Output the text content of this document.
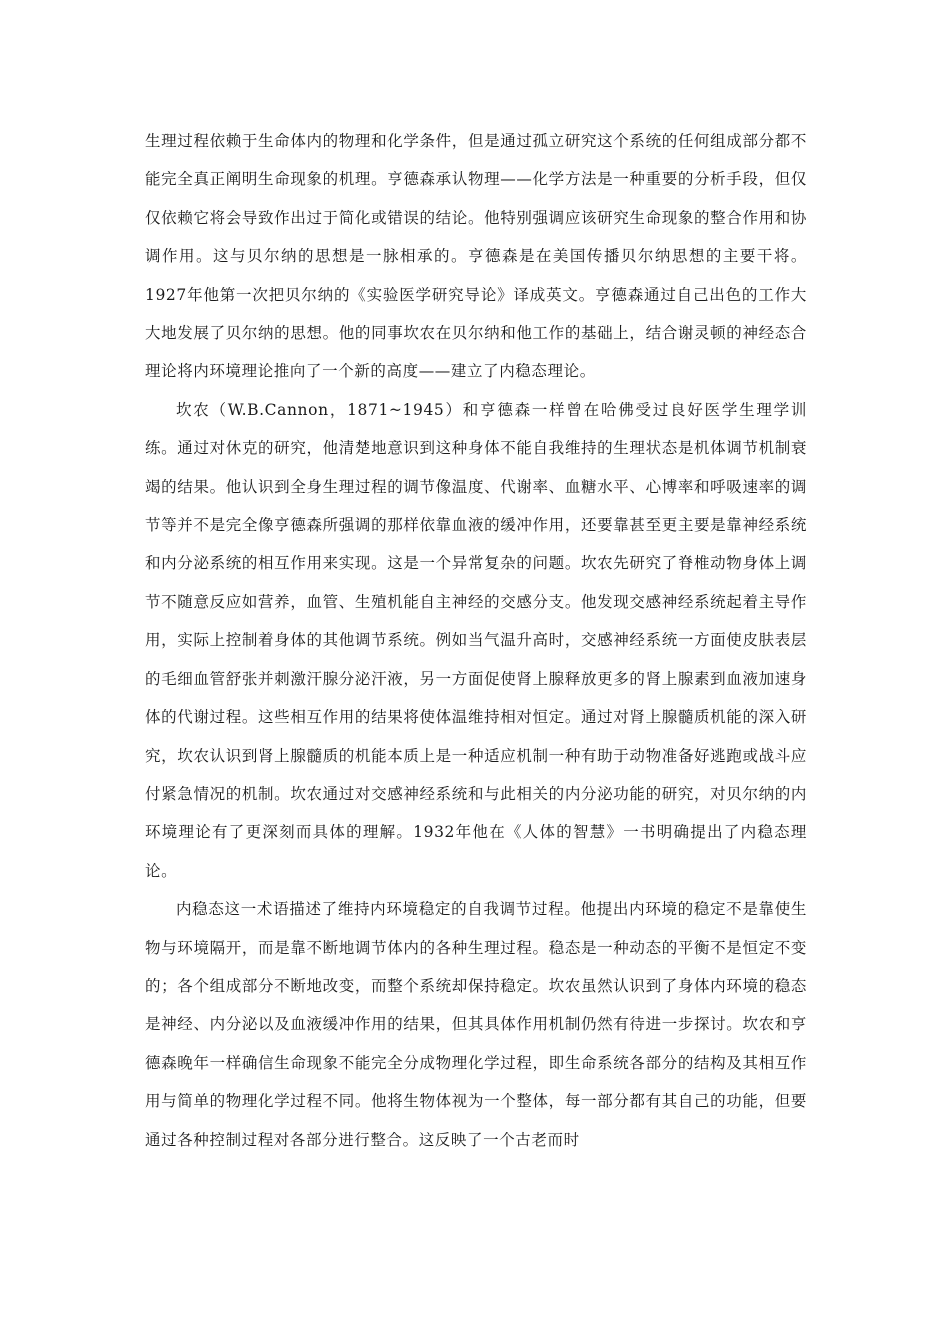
生理过程依赖于生命体内的物理和化学条件，但是通过孤立研究这个系统的任何组成部分都不能完全真正阐明生命现象的机理。亨德森承认物理——化学方法是一种重要的分析手段，但仅仅依赖它将会导致作出过于简化或错误的结论。他特别强调应该研究生命现象的整合作用和协调作用。这与贝尔纳的思想是一脉相承的。亨德森是在美国传播贝尔纳思想的主要干将。1927年他第一次把贝尔纳的《实验医学研究导论》译成英文。亨德森通过自己出色的工作大大地发展了贝尔纳的思想。他的同事坎农在贝尔纳和他工作的基础上，结合谢灵顿的神经态合理论将内环境理论推向了一个新的高度——建立了内稳态理论。

坎农（W.B.Cannon，1871~1945）和亨德森一样曾在哈佛受过良好医学生理学训练。通过对休克的研究，他清楚地意识到这种身体不能自我维持的生理状态是机体调节机制衰竭的结果。他认识到全身生理过程的调节像温度、代谢率、血糖水平、心博率和呼吸速率的调节等并不是完全像亨德森所强调的那样依靠血液的缓冲作用，还要靠甚至更主要是靠神经系统和内分泌系统的相互作用来实现。这是一个异常复杂的问题。坎农先研究了脊椎动物身体上调节不随意反应如营养，血管、生殖机能自主神经的交感分支。他发现交感神经系统起着主导作用，实际上控制着身体的其他调节系统。例如当气温升高时，交感神经系统一方面使皮肤表层的毛细血管舒张并刺激汗腺分泌汗液，另一方面促使肾上腺释放更多的肾上腺素到血液加速身体的代谢过程。这些相互作用的结果将使体温维持相对恒定。通过对肾上腺髓质机能的深入研究，坎农认识到肾上腺髓质的机能本质上是一种适应机制一种有助于动物准备好逃跑或战斗应付紧急情况的机制。坎农通过对交感神经系统和与此相关的内分泌功能的研究，对贝尔纳的内环境理论有了更深刻而具体的理解。1932年他在《人体的智慧》一书明确提出了内稳态理论。

内稳态这一术语描述了维持内环境稳定的自我调节过程。他提出内环境的稳定不是靠使生物与环境隔开，而是靠不断地调节体内的各种生理过程。稳态是一种动态的平衡不是恒定不变的；各个组成部分不断地改变，而整个系统却保持稳定。坎农虽然认识到了身体内环境的稳态是神经、内分泌以及血液缓冲作用的结果，但其具体作用机制仍然有待进一步探讨。坎农和亨德森晚年一样确信生命现象不能完全分成物理化学过程，即生命系统各部分的结构及其相互作用与简单的物理化学过程不同。他将生物体视为一个整体，每一部分都有其自己的功能，但要通过各种控制过程对各部分进行整合。这反映了一个古老而时
